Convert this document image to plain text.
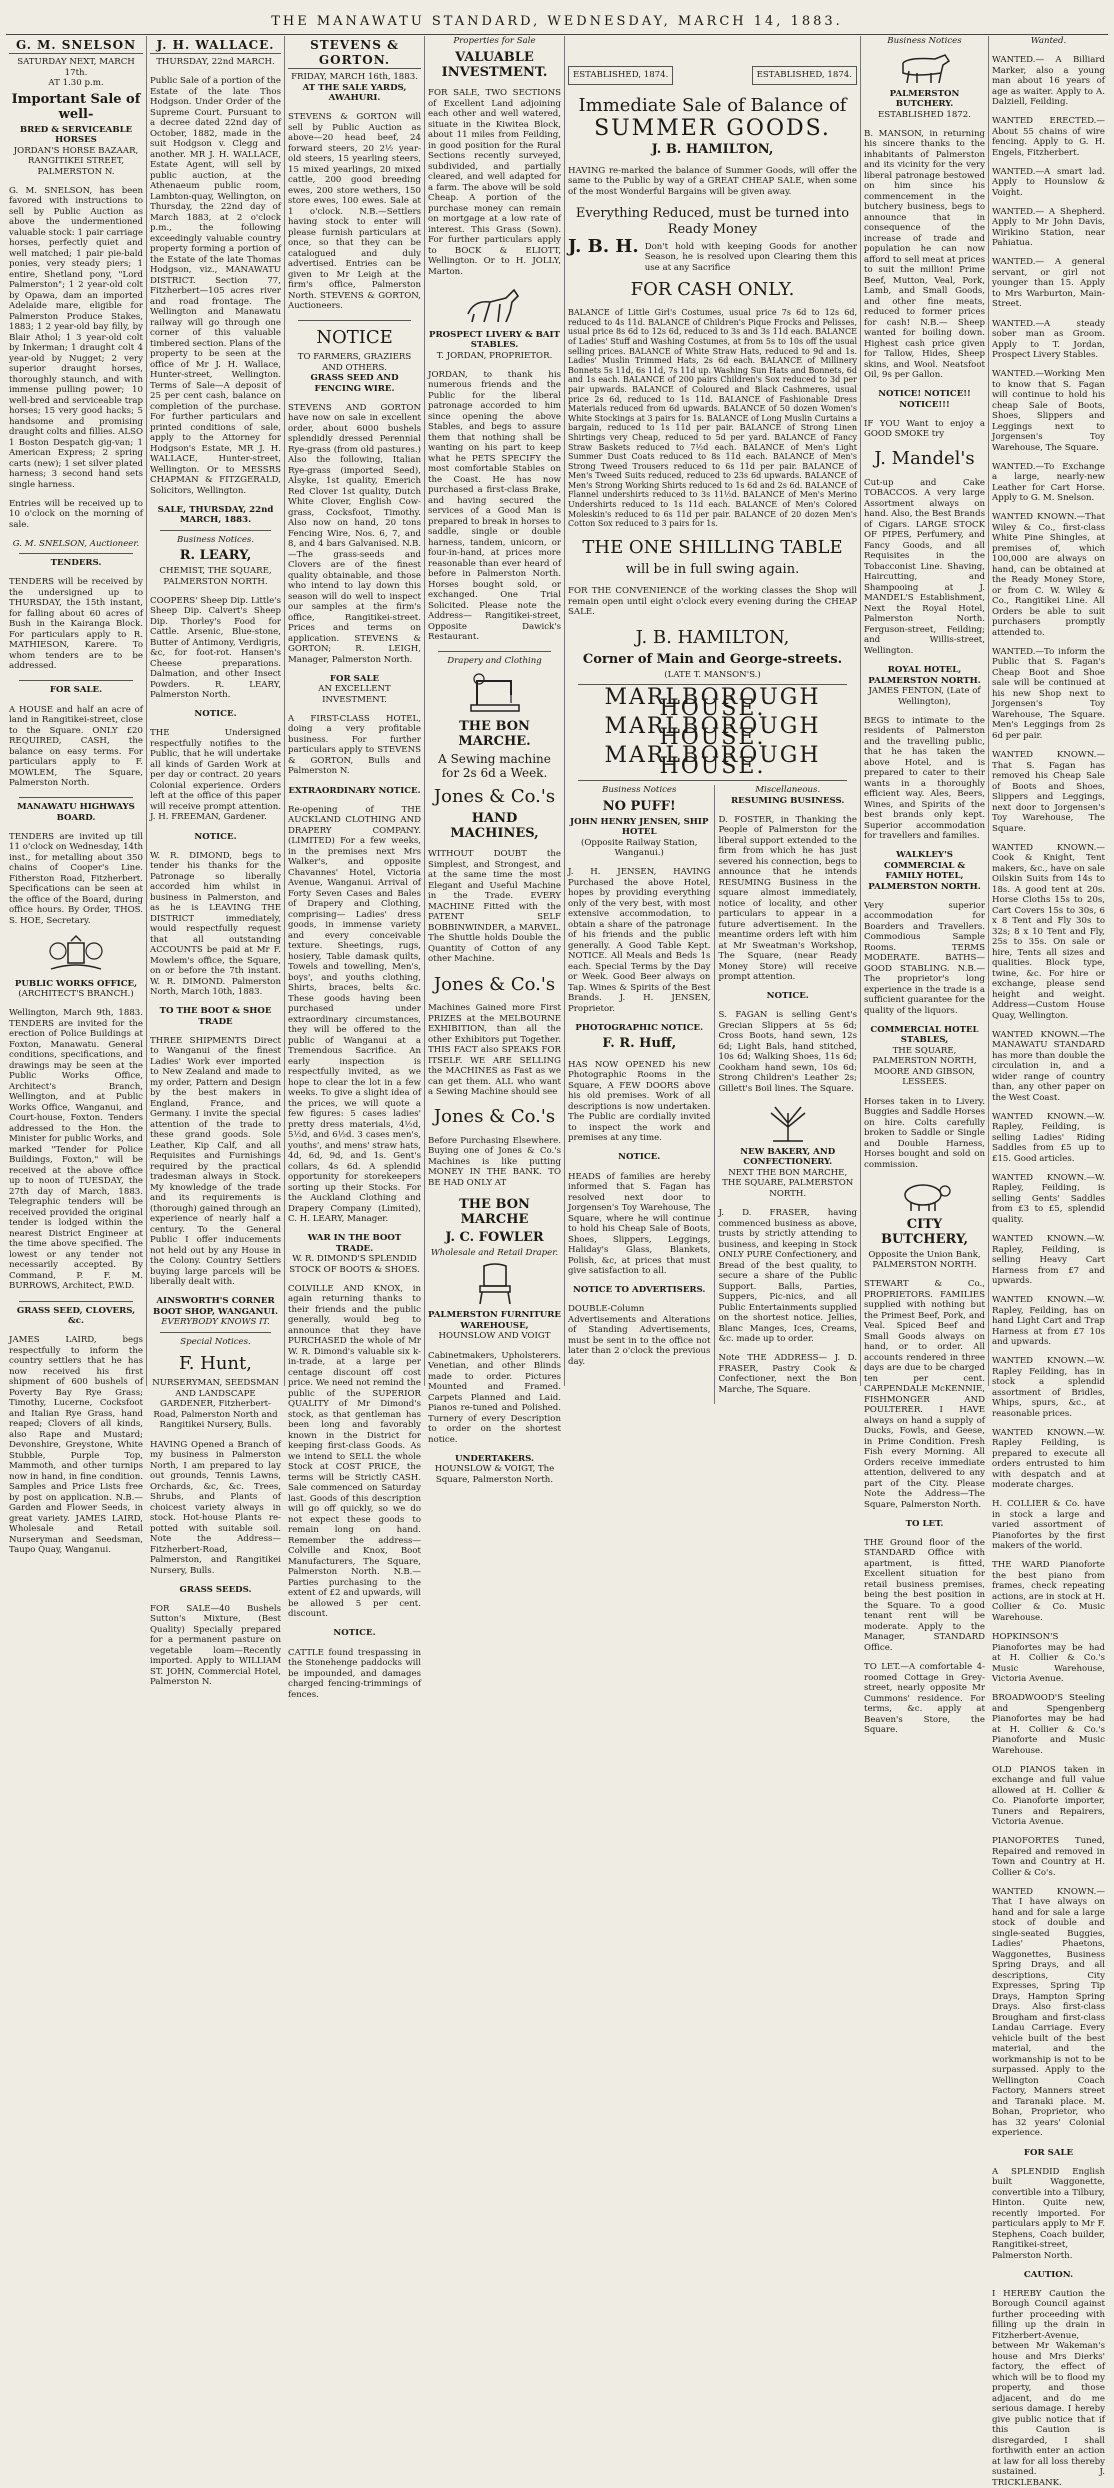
THE MANAWATU STANDARD, WEDNESDAY, MARCH 14, 1883.
G. M. SNELSON
SATURDAY NEXT, MARCH 17th.
AT 1.30 p.m.
Important Sale of well-
BRED & SERVICEABLE HORSES
JORDAN'S HORSE BAZAAR, RANGITIKEI STREET, PALMERSTON N.

G. M. SNELSON, has been favored with instructions to sell by Public Auction as above the undermentioned valuable stock: 1 pair carriage horses, perfectly quiet and well matched; 1 pair pie-bald ponies, very steady piers; 1 entire, Shetland pony, "Lord Palmerston"; 1 2 year-old colt by Opawa, dam an imported Adelaide mare, eligible for Palmerston Produce Stakes, 1883; 1 2 year-old bay filly, by Blair Athol; 1 3 year-old colt by Inkerman; 1 draught colt 4 year-old by Nugget; 2 very superior draught horses, thoroughly staunch, and with immense pulling power; 10 well-bred and serviceable trap horses; 15 very good hacks; 5 handsome and promising draught colts and fillies. ALSO 1 Boston Despatch gig-van; 1 American Express; 2 spring carts (new); 1 set silver plated harness; 3 second hand sets single harness.

Entries will be received up to 10 o'clock on the morning of sale.

G. M. SNELSON, Auctioneer.
TENDERS.

TENDERS will be received by the undersigned up to THURSDAY, the 15th instant, for falling about 60 acres of Bush in the Kairanga Block. For particulars apply to R. MATHIESON, Karere. To whom tenders are to be addressed.

FOR SALE.

A HOUSE and half an acre of land in Rangitikei-street, close to the Square. ONLY £20 REQUIRED, CASH, the balance on easy terms. For particulars apply to F. MOWLEM, The Square, Palmerston North.

MANAWATU HIGHWAYS BOARD.

TENDERS are invited up till 11 o'clock on Wednesday, 14th inst., for metalling about 350 chains of Cooper's Line. Fitherston Road, Fitzherbert. Specifications can be seen at the office of the Board, during office hours. By Order, THOS. S. HOE, Secretary.

PUBLIC WORKS OFFICE,
(ARCHITECT'S BRANCH.)

Wellington, March 9th, 1883. TENDERS are invited for the erection of Police Buildings at Foxton, Manawatu. General conditions, specifications, and drawings may be seen at the Public Works Office, Architect's Branch, Wellington, and at Public Works Office, Wanganui, and Court-house, Foxton. Tenders addressed to the Hon. the Minister for public Works, and marked "Tender for Police Buildings, Foxton," will be received at the above office up to noon of TUESDAY, the 27th day of March, 1883. Telegraphic tenders will be received provided the original tender is lodged within the nearest District Engineer at the time above specified. The lowest or any tender not necessarily accepted. By Command, P. F. M. BURROWS, Architect, P.W.D.

GRASS SEED, CLOVERS, &c.

JAMES LAIRD, begs respectfully to inform the country settlers that he has now received his first shipment of 600 bushels of Poverty Bay Rye Grass; Timothy, Lucerne, Cocksfoot and Italian Rye Grass, hand reaped; Clovers of all kinds, also Rape and Mustard; Devonshire, Greystone, White Stubble, Purple Top, Mammoth, and other turnips now in hand, in fine condition. Samples and Price Lists free by post on application. N.B.—Garden and Flower Seeds, in great variety. JAMES LAIRD, Wholesale and Retail Nurseryman and Seedsman, Taupo Quay, Wanganui.

J. H. WALLACE.
THURSDAY, 22nd MARCH.

Public Sale of a portion of the Estate of the late Thos Hodgson. Under Order of the Supreme Court. Pursuant to a decree dated 22nd day of October, 1882, made in the suit Hodgson v. Clegg and another. MR J. H. WALLACE, Estate Agent, will sell by public auction, at the Athenaeum public room, Lambton-quay, Wellington, on Thursday, the 22nd day of March 1883, at 2 o'clock p.m., the following exceedingly valuable country property forming a portion of the Estate of the late Thomas Hodgson, viz., MANAWATU DISTRICT. Section 77, Fitzherbert—105 acres river and road frontage. The Wellington and Manawatu railway will go through one corner of this valuable timbered section. Plans of the property to be seen at the office of Mr J. H. Wallace, Hunter-street, Wellington. Terms of Sale—A deposit of 25 per cent cash, balance on completion of the purchase. For further particulars and printed conditions of sale, apply to the Attorney for Hodgson's Estate, MR J. H. WALLACE, Hunter-street, Wellington. Or to MESSRS CHAPMAN & FITZGERALD, Solicitors, Wellington.

SALE, THURSDAY, 22nd MARCH, 1883.
Business Notices.
R. LEARY,
CHEMIST, THE SQUARE, PALMERSTON NORTH.

COOPERS' Sheep Dip. Little's Sheep Dip. Calvert's Sheep Dip. Thorley's Food for Cattle. Arsenic, Blue-stone, Butter of Antimony, Verdigris, &c, for foot-rot. Hansen's Cheese preparations. Dalmation, and other Insect Powders. R. LEARY, Palmerston North.

NOTICE.

THE Undersigned respectfully notifies to the Public, that he will undertake all kinds of Garden Work at per day or contract. 20 years Colonial experience. Orders left at the office of this paper will receive prompt attention. J. H. FREEMAN, Gardener.

NOTICE.

W. R. DIMOND, begs to tender his thanks for the Patronage so liberally accorded him whilst in business in Palmerston, and as he is LEAVING THE DISTRICT immediately, would respectfully request that all outstanding ACCOUNTS be paid at Mr F. Mowlem's office, the Square, on or before the 7th instant. W. R. DIMOND. Palmerston North, March 10th, 1883.

TO THE BOOT & SHOE TRADE

THREE SHIPMENTS Direct to Wanganui of the finest Ladies' Work ever imported to New Zealand and made to my order, Pattern and Design by the best makers in England, France, and Germany. I invite the special attention of the trade to these grand goods. Sole Leather, Kip Calf, and all Requisites and Furnishings required by the practical tradesman always in Stock. My knowledge of the trade and its requirements is (thorough) gained through an experience of nearly half a century. To the General Public I offer inducements not held out by any House in the Colony. Country Settlers buying large parcels will be liberally dealt with.

AINSWORTH'S CORNER BOOT SHOP, WANGANUI.
EVERYBODY KNOWS IT.
Special Notices.
F. Hunt,
NURSERYMAN, SEEDSMAN AND LANDSCAPE GARDENER, Fitzherbert-Road, Palmerston North and Rangitikei Nursery, Bulls.

HAVING Opened a Branch of my business in Palmerston North, I am prepared to lay out grounds, Tennis Lawns, Orchards, &c, &c. Trees, Shrubs, and Plants of choicest variety always in stock. Hot-house Plants re-potted with suitable soil. Note the Address—Fitzherbert-Road, Palmerston, and Rangitikei Nursery, Bulls.

GRASS SEEDS.

FOR SALE—40 Bushels Sutton's Mixture, (Best Quality) Specially prepared for a permanent pasture on vegetable loam—Recently imported. Apply to WILLIAM ST. JOHN, Commercial Hotel, Palmerston N.

STEVENS & GORTON.
FRIDAY, MARCH 16th, 1883.
AT THE SALE YARDS, AWAHURI.

STEVENS & GORTON will sell by Public Auction as above—20 head beef, 24 forward steers, 20 2½ year-old steers, 15 yearling steers, 15 mixed yearlings, 20 mixed cattle, 200 good breeding ewes, 200 store wethers, 150 store ewes, 100 ewes. Sale at 1 o'clock. N.B.—Settlers having stock to enter will please furnish particulars at once, so that they can be catalogued and duly advertised. Entries can be given to Mr Leigh at the firm's office, Palmerston North. STEVENS & GORTON, Auctioneers.

NOTICE
TO FARMERS, GRAZIERS AND OTHERS.
GRASS SEED AND FENCING WIRE.

STEVENS AND GORTON have now on sale in excellent order, about 6000 bushels splendidly dressed Perennial Rye-grass (from old pastures.) Also the following, Italian Rye-grass (imported Seed), Alsyke, 1st quality, Emerich Red Clover 1st quality, Dutch White Clover, English Cow-grass, Cocksfoot, Timothy. Also now on hand, 20 tons Fencing Wire, Nos. 6, 7, and 8, and 4 bars Galvanised. N.B.—The grass-seeds and Clovers are of the finest quality obtainable, and those who intend to lay down this season will do well to inspect our samples at the firm's office, Rangitikei-street. Prices and terms on application. STEVENS & GORTON; R. LEIGH, Manager, Palmerston North.

FOR SALE
AN EXCELLENT INVESTMENT.

A FIRST-CLASS HOTEL, doing a very profitable business. For further particulars apply to STEVENS & GORTON, Bulls and Palmerston N.

EXTRAORDINARY NOTICE.

Re-opening of THE AUCKLAND CLOTHING AND DRAPERY COMPANY. (LIMITED) For a few weeks, in the premises next Mrs Walker's, and opposite Chavannes' Hotel, Victoria Avenue, Wanganui. Arrival of Forty Seven Cases and Bales of Drapery and Clothing, comprising— Ladies' dress goods, in immense variety and every conceivable texture. Sheetings, rugs, hosiery, Table damask quilts, Towels and towelling, Men's, boys', and youths clothing, Shirts, braces, belts &c. These goods having been purchased under extraordinary circumstances, they will be offered to the public of Wanganui at a Tremendous Sacrifice. An early inspection is respectfully invited, as we hope to clear the lot in a few weeks. To give a slight idea of the prices, we will quote a few figures: 5 cases ladies' pretty dress materials, 4½d, 5½d, and 6½d. 3 cases men's, youths', and mens' straw hats, 4d, 6d, 9d, and 1s. Gent's collars, 4s 6d. A splendid opportunity for storekeepers sorting up their Stocks. For the Auckland Clothing and Drapery Company (Limited), C. H. LEARY, Manager.

WAR IN THE BOOT TRADE.
W. R. DIMOND'S SPLENDID STOCK OF BOOTS & SHOES.

COLVILLE AND KNOX, in again returning thanks to their friends and the public generally, would beg to announce that they have PURCHASED the whole of Mr W. R. Dimond's valuable six k-in-trade, at a large per centage discount off cost price. We need not remind the public of the SUPERIOR QUALITY of Mr Dimond's stock, as that gentleman has been long and favorably known in the District for keeping first-class Goods. As we intend to SELL the whole Stock at COST PRICE, the terms will be Strictly CASH. Sale commenced on Saturday last. Goods of this description will go off quickly, so we do not expect these goods to remain long on hand. Remember the address—Colville and Knox, Boot Manufacturers, The Square, Palmerston North. N.B.—Parties purchasing to the extent of £2 and upwards, will be allowed 5 per cent. discount.

NOTICE.

CATTLE found trespassing in the Stonehenge paddocks will be impounded, and damages charged fencing-trimmings of fences.

Properties for Sale
VALUABLE INVESTMENT.

FOR SALE, TWO SECTIONS of Excellent Land adjoining each other and well watered, situate in the Kiwitea Block, about 11 miles from Feilding, in good position for the Rural Sections recently surveyed, subdivided, and partially cleared, and well adapted for a farm. The above will be sold Cheap. A portion of the purchase money can remain on mortgage at a low rate of interest. This Grass (Sown). For further particulars apply to BOCK & ELIOTT, Wellington. Or to H. JOLLY, Marton.

PROSPECT LIVERY & BAIT STABLES.
T. JORDAN, PROPRIETOR.

JORDAN, to thank his numerous friends and the Public for the liberal patronage accorded to him since opening the above Stables, and begs to assure them that nothing shall be wanting on his part to keep what he PETS SPECIFY the most comfortable Stables on the Coast. He has now purchased a first-class Brake, and having secured the services of a Good Man is prepared to break in horses to saddle, single or double harness, tandem, unicorn, or four-in-hand, at prices more reasonable than ever heard of before in Palmerston North. Horses bought sold, or exchanged. One Trial Solicited. Please note the Address— Rangitikei-street, Opposite Dawick's Restaurant.

Drapery and Clothing
THE BON MARCHE.
A Sewing machine for 2s 6d a Week.
Jones & Co.'s
HAND MACHINES,

WITHOUT DOUBT the Simplest, and Strongest, and at the same time the most Elegant and Useful Machine in the Trade. EVERY MACHINE Fitted with the PATENT SELF BOBBINWINDER, a MARVEL. The Shuttle holds Double the Quantity of Cotton of any other Machine.

Jones & Co.'s

Machines Gained more First PRIZES at the MELBOURNE EXHIBITION, than all the other Exhibitors put Together. THIS FACT also SPEAKS FOR ITSELF. WE ARE SELLING the MACHINES as Fast as we can get them. ALL who want a Sewing Machine should see

Jones & Co.'s

Before Purchasing Elsewhere. Buying one of Jones & Co.'s Machines is like putting MONEY IN THE BANK. TO BE HAD ONLY AT

THE BON MARCHE
J. C. FOWLER
Wholesale and Retail Draper.
PALMERSTON FURNITURE WAREHOUSE,
HOUNSLOW AND VOIGT

Cabinetmakers, Upholsterers. Venetian, and other Blinds made to order. Pictures Mounted and Framed. Carpets Planned and Laid. Pianos re-tuned and Polished. Turnery of every Description to order on the shortest notice.

UNDERTAKERS.
HOUNSLOW & VOIGT, The Square, Palmerston North.
ESTABLISHED, 1874.	ESTABLISHED, 1874.
Immediate Sale of Balance of
SUMMER GOODS.
J. B. HAMILTON,

HAVING re-marked the balance of Summer Goods, will offer the same to the Public by way of a GREAT CHEAP SALE, when some of the most Wonderful Bargains will be given away.

Everything Reduced, must be turned into Ready Money
J. B. H. Don't hold with keeping Goods for another Season, he is resolved upon Clearing them this use at any Sacrifice
FOR CASH ONLY.

BALANCE of Little Girl's Costumes, usual price 7s 6d to 12s 6d, reduced to 4s 11d. BALANCE of Children's Pique Frocks and Pelisses, usual price 8s 6d to 12s 6d, reduced to 3s and 3s 11d each. BALANCE of Ladies' Stuff and Washing Costumes, at from 5s to 10s off the usual selling prices. BALANCE of White Straw Hats, reduced to 9d and 1s. Ladies' Muslin Trimmed Hats, 2s 6d each. BALANCE of Millinery Bonnets 5s 11d, 6s 11d, 7s 11d up. Washing Sun Hats and Bonnets, 6d and 1s each. BALANCE of 200 pairs Children's Sox reduced to 3d per pair upwards. BALANCE of Coloured and Black Cashmeres, usual price 2s 6d, reduced to 1s 11d. BALANCE of Fashionable Dress Materials reduced from 6d upwards. BALANCE of 50 dozen Women's White Stockings at 3 pairs for 1s. BALANCE of Long Muslin Curtains a bargain, reduced to 1s 11d per pair. BALANCE of Strong Linen Shirtings very Cheap, reduced to 5d per yard. BALANCE of Fancy Straw Baskets reduced to 7½d each. BALANCE of Men's Light Summer Dust Coats reduced to 8s 11d each. BALANCE of Men's Strong Tweed Trousers reduced to 6s 11d per pair. BALANCE of Men's Tweed Suits reduced, reduced to 23s 6d upwards. BALANCE of Men's Strong Working Shirts reduced to 1s 6d and 2s 6d. BALANCE of Flannel undershirts reduced to 3s 11½d. BALANCE of Men's Merino Undershirts reduced to 1s 11d each. BALANCE of Men's Colored Moleskin's reduced to 6s 11d per pair. BALANCE of 20 dozen Men's Cotton Sox reduced to 3 pairs for 1s.

THE ONE SHILLING TABLE
will be in full swing again.

FOR THE CONVENIENCE of the working classes the Shop will remain open until eight o'clock every evening during the CHEAP SALE.

J. B. HAMILTON,
Corner of Main and George-streets.
(LATE T. MANSON'S.)
MARLBOROUGH HOUSE.
MARLBOROUGH HOUSE.
MARLBOROUGH HOUSE.
Business Notices
NO PUFF!
JOHN HENRY JENSEN, SHIP HOTEL
(Opposite Railway Station, Wanganui.)

J. H. JENSEN, HAVING Purchased the above Hotel, hopes by providing everything only of the very best, with most extensive accommodation, to obtain a share of the patronage of his friends and the public generally. A Good Table Kept. NOTICE. All Meals and Beds 1s each. Special Terms by the Day or Week. Good Beer always on Tap. Wines & Spirits of the Best Brands. J. H. JENSEN, Proprietor.

PHOTOGRAPHIC NOTICE.
F. R. Huff,

HAS NOW OPENED his new Photographic Rooms in the Square, A FEW DOORS above his old premises. Work of all descriptions is now undertaken. The Public are cordially invited to inspect the work and premises at any time.

NOTICE.

HEADS of families are hereby informed that S. Fagan has resolved next door to Jorgensen's Toy Warehouse, The Square, where he will continue to hold his Cheap Sale of Boots, Shoes, Slippers, Leggings, Haliday's Glass, Blankets, Polish, &c, at prices that must give satisfaction to all.

NOTICE TO ADVERTISERS.

DOUBLE-Column Advertisements and Alterations of Standing Advertisements, must be sent in to the office not later than 2 o'clock the previous day.

Miscellaneous.
RESUMING BUSINESS.

D. FOSTER, in Thanking the People of Palmerston for the liberal support extended to the firm from which he has just severed his connection, begs to announce that he intends RESUMING Business in the square almost immediately, notice of locality, and other particulars to appear in a future advertisement. In the meantime orders left with him at Mr Sweatman's Workshop, The Square, (near Ready Money Store) will receive prompt attention.

NOTICE.

S. FAGAN is selling Gent's Grecian Slippers at 5s 6d; Cross Boots, hand sewn, 12s 6d; Light Bals, hand stitched, 10s 6d; Walking Shoes, 11s 6d; Cookham hand sewn, 10s 6d; Strong Children's Leather 2s; Gillett's Boil lines. The Square.

NEW BAKERY, AND CONFECTIONERY.
NEXT THE BON MARCHE, THE SQUARE, PALMERSTON NORTH.

J. D. FRASER, having commenced business as above, trusts by strictly attending to business, and keeping in Stock ONLY PURE Confectionery, and Bread of the best quality, to secure a share of the Public Support. Balls, Parties, Suppers, Pic-nics, and all Public Entertainments supplied on the shortest notice. Jellies, Blanc Manges, Ices, Creams, &c. made up to order.

Note THE ADDRESS— J. D. FRASER, Pastry Cook & Confectioner, next the Bon Marche, The Square.

Business Notices
PALMERSTON BUTCHERY.
ESTABLISHED 1872.

B. MANSON, in returning his sincere thanks to the inhabitants of Palmerston and its vicinity for the very liberal patronage bestowed on him since his commencement in the butchery business, begs to announce that in consequence of the increase of trade and population he can now afford to sell meat at prices to suit the million! Prime Beef, Mutton, Veal, Pork, Lamb, and Small Goods, and other fine meats, reduced to former prices for cash! N.B.— Sheep wanted for boiling down. Highest cash price given for Tallow, Hides, Sheep skins, and Wool. Neatsfoot Oil, 9s per Gallon.

NOTICE! NOTICE!! NOTICE!!!

IF YOU Want to enjoy a GOOD SMOKE try

J. Mandel's

Cut-up and Cake TOBACCOS. A very large Assortment always on hand. Also, the Best Brands of Cigars. LARGE STOCK OF PIPES, Perfumery, and Fancy Goods, and all Requisites in the Tobacconist Line. Shaving, Haircutting, and Shampooing at J. MANDEL'S Establishment, Next the Royal Hotel, Palmerston North. Ferguson-street, Feilding; and Willis-street, Wellington.

ROYAL HOTEL, PALMERSTON NORTH.
JAMES FENTON, (Late of Wellington),

BEGS to intimate to the residents of Palmerston and the travelling public, that he has taken the above Hotel, and is prepared to cater to their wants in a thoroughly efficient way. Ales, Beers, Wines, and Spirits of the best brands only kept. Superior accommodation for travellers and families.

WALKLEY'S COMMERCIAL & FAMILY HOTEL, PALMERSTON NORTH.

Very superior accommodation for Boarders and Travellers. Commodious Sample Rooms. TERMS MODERATE. BATHS—GOOD STABLING. N.B.—The proprietor's long experience in the trade is a sufficient guarantee for the quality of the liquors.

COMMERCIAL HOTEL STABLES,
THE SQUARE, PALMERSTON NORTH,
MOORE AND GIBSON, LESSEES.

Horses taken in to Livery. Buggies and Saddle Horses on hire. Colts carefully broken to Saddle or Single and Double Harness, Horses bought and sold on commission.

CITY BUTCHERY,
Opposite the Union Bank, PALMERSTON NORTH.

STEWART & Co., PROPRIETORS. FAMILIES supplied with nothing but the Primest Beef, Pork, and Veal. Spiced Beef and Small Goods always on hand, or to order. All accounts rendered in three days are due to be charged ten per cent. CARPENDALE McKENNIE, FISHMONGER AND POULTERER. I HAVE always on hand a supply of Ducks, Fowls, and Geese, in Prime Condition. Fresh Fish every Morning. All Orders receive immediate attention, delivered to any part of the City. Please Note the Address—The Square, Palmerston North.

TO LET.

THE Ground floor of the STANDARD Office with apartment, is fitted, Excellent situation for retail business premises, being the best position in the Square. To a good tenant rent will be moderate. Apply to the Manager, STANDARD Office.

TO LET.—A comfortable 4-roomed Cottage in Grey-street, nearly opposite Mr Cummons' residence. For terms, &c. apply at Beaven's Store, the Square.

Wanted.

WANTED.— A Billiard Marker, also a young man about 16 years of age as waiter. Apply to A. Dalziell, Feilding.

WANTED ERECTED.—About 55 chains of wire fencing. Apply to G. H. Engels, Fitzherbert.

WANTED.—A smart lad. Apply to Hounslow & Voight.

WANTED.— A Shepherd. Apply to Mr John Davis, Wirikino Station, near Pahiatua.

WANTED.— A general servant, or girl not younger than 15. Apply to Mrs Warburton, Main-Street.

WANTED.—A steady sober man as Groom. Apply to T. Jordan, Prospect Livery Stables.

WANTED.—Working Men to know that S. Fagan will continue to hold his cheap Sale of Boots, Shoes, Slippers and Leggings next to Jorgensen's Toy Warehouse, The Square.

WANTED.—To Exchange a large, nearly-new Leather for Cart Horse. Apply to G. M. Snelson.

WANTED KNOWN.—That Wiley & Co., first-class White Pine Shingles, at premises of, which 100,000 are always on hand, can be obtained at the Ready Money Store, or from C. W. Wiley & Co., Rangitikei Line. All Orders be able to suit purchasers promptly attended to.

WANTED.—To inform the Public that S. Fagan's Cheap Boot and Shoe sale will be continued at his new Shop next to Jorgensen's Toy Warehouse, The Square. Men's Leggings from 2s 6d per pair.

WANTED KNOWN.— That S. Fagan has removed his Cheap Sale of Boots and Shoes, Slippers and Leggings, next door to Jorgensen's Toy Warehouse, The Square.

WANTED KNOWN.—Cook & Knight, Tent makers, &c., have on sale Oilskin Suits from 14s to 18s. A good tent at 20s. Horse Cloths 15s to 20s, Cart Covers 15s to 30s, 6 x 8 Tent and Fly 30s to 32s; 8 x 10 Tent and Fly, 25s to 35s. On sale or hire, Tents all sizes and qualities. Block type, twine, &c. For hire or exchange, please send height and weight. Address—Custom House Quay, Wellington.

WANTED KNOWN.—The MANAWATU STANDARD has more than double the circulation in, and a wider range of country than, any other paper on the West Coast.

WANTED KNOWN.—W. Rapley, Feilding, is selling Ladies' Riding Saddles from £5 up to £15. Good articles.

WANTED KNOWN.—W. Rapley, Feilding, is selling Gents' Saddles from £3 to £5, splendid quality.

WANTED KNOWN.—W. Rapley, Feilding, is selling Heavy Cart Harness from £7 and upwards.

WANTED KNOWN.—W. Rapley, Feilding, has on hand Light Cart and Trap Harness at from £7 10s and upwards.

WANTED KNOWN.—W. Rapley Feilding, has in stock a splendid assortment of Bridles, Whips, spurs, &c., at reasonable prices.

WANTED KNOWN.—W. Rapley Feilding, is prepared to execute all orders entrusted to him with despatch and at moderate charges.

H. COLLIER & Co. have in stock a large and varied assortment of Pianofortes by the first makers of the world.

THE WARD Pianoforte the best piano from frames, check repeating actions, are in stock at H. Collier & Co. Music Warehouse.

HOPKINSON'S Pianofortes may be had at H. Collier & Co.'s Music Warehouse, Victoria Avenue.

BROADWOOD'S Steeling and Spengenberg Pianofortes may be had at H. Collier & Co.'s Pianoforte and Music Warehouse.

OLD PIANOS taken in exchange and full value allowed at H. Collier & Co. Pianoforte importer, Tuners and Repairers, Victoria Avenue.

PIANOFORTES Tuned, Repaired and removed in Town and Country at H. Collier & Co's.

WANTED KNOWN.— That I have always on hand and for sale a large stock of double and single-seated Buggies, Ladies' Phaetons, Waggonettes, Business Spring Drays, and all descriptions, City Expresses, Spring Tip Drays, Hampton Spring Drays. Also first-class Brougham and first-class Landau Carriage. Every vehicle built of the best material, and the workmanship is not to be surpassed. Apply to the Wellington Coach Factory, Manners street and Taranaki place. M. Bohan, Proprietor, who has 32 years' Colonial experience.

FOR SALE

A SPLENDID English built Waggonette, convertible into a Tilbury, Hinton. Quite new, recently imported. For particulars apply to Mr F. Stephens, Coach builder, Rangitikei-street, Palmerston North.

CAUTION.

I HEREBY Caution the Borough Council against further proceeding with filling up the drain in Fitzherbert-Avenue, between Mr Wakeman's house and Mrs Dierks' factory, the effect of which will be to flood my property, and those adjacent, and do me serious damage. I hereby give public notice that if this Caution is disregarded, I shall forthwith enter an action at law for all loss thereby sustained. J. TRICKLEBANK.
